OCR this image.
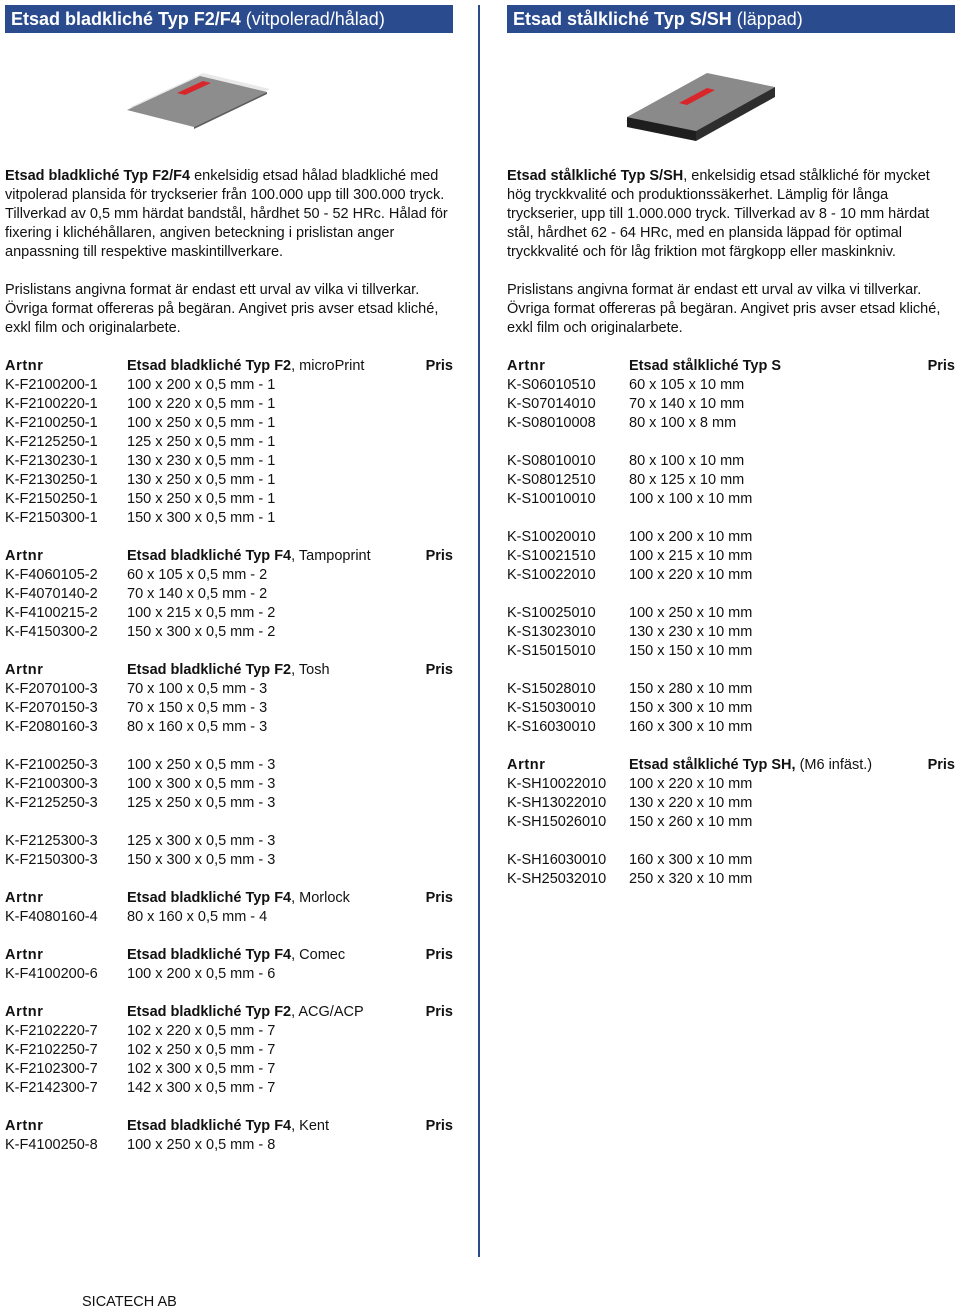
Etsad bladkliché Typ F2/F4 (vitpolerad/hålad)

Etsad bladkliché Typ F2/F4 enkelsidig etsad hålad bladkliché med vitpolerad plansida för tryckserier från 100.000 upp till 300.000 tryck. Tillverkad av 0,5 mm härdat bandstål, hårdhet 50 - 52 HRc. Hålad för fixering i klichéhållaren, angiven beteckning i prislistan anger anpassning till respektive maskintillverkare.

Prislistans angivna format är endast ett urval av vilka vi tillverkar. Övriga format offereras på begäran. Angivet pris avser etsad kliché, exkl film och originalarbete.

Artnr	Etsad bladkliché Typ F2, microPrint	Pris
K-F2100200-1	100 x 200 x 0,5 mm - 1
K-F2100220-1	100 x 220 x 0,5 mm - 1
K-F2100250-1	100 x 250 x 0,5 mm - 1
K-F2125250-1	125 x 250 x 0,5 mm - 1
K-F2130230-1	130 x 230 x 0,5 mm - 1
K-F2130250-1	130 x 250 x 0,5 mm - 1
K-F2150250-1	150 x 250 x 0,5 mm - 1
K-F2150300-1	150 x 300 x 0,5 mm - 1
Artnr	Etsad bladkliché Typ F4, Tampoprint	Pris
K-F4060105-2	60 x 105 x 0,5 mm - 2
K-F4070140-2	70 x 140 x 0,5 mm - 2
K-F4100215-2	100 x 215 x 0,5 mm - 2
K-F4150300-2	150 x 300 x 0,5 mm - 2
Artnr	Etsad bladkliché Typ F2, Tosh	Pris
K-F2070100-3	70 x 100 x 0,5 mm - 3
K-F2070150-3	70 x 150 x 0,5 mm - 3
K-F2080160-3	80 x 160 x 0,5 mm - 3
K-F2100250-3	100 x 250 x 0,5 mm - 3
K-F2100300-3	100 x 300 x 0,5 mm - 3
K-F2125250-3	125 x 250 x 0,5 mm - 3
K-F2125300-3	125 x 300 x 0,5 mm - 3
K-F2150300-3	150 x 300 x 0,5 mm - 3
Artnr	Etsad bladkliché Typ F4, Morlock	Pris
K-F4080160-4	80 x 160 x 0,5 mm - 4
Artnr	Etsad bladkliché Typ F4, Comec	Pris
K-F4100200-6	100 x 200 x 0,5 mm - 6
Artnr	Etsad bladkliché Typ F2, ACG/ACP	Pris
K-F2102220-7	102 x 220 x 0,5 mm - 7
K-F2102250-7	102 x 250 x 0,5 mm - 7
K-F2102300-7	102 x 300 x 0,5 mm - 7
K-F2142300-7	142 x 300 x 0,5 mm - 7
Artnr	Etsad bladkliché Typ F4, Kent	Pris
K-F4100250-8	100 x 250 x 0,5 mm - 8
Etsad stålkliché Typ S/SH (läppad)

Etsad stålkliché Typ S/SH, enkelsidig etsad stålkliché för mycket hög tryckkvalité och produktionssäkerhet. Lämplig för långa tryckserier, upp till 1.000.000 tryck. Tillverkad av 8 - 10 mm härdat stål, hårdhet 62 - 64 HRc, med en plansida läppad för optimal tryckkvalité och för låg friktion mot färgkopp eller maskinkniv.

Prislistans angivna format är endast ett urval av vilka vi tillverkar. Övriga format offereras på begäran. Angivet pris avser etsad kliché, exkl film och originalarbete.

Artnr	Etsad stålkliché Typ S	Pris
K-S06010510	60 x 105 x 10 mm
K-S07014010	70 x 140 x 10 mm
K-S08010008	80 x 100 x 8 mm
K-S08010010	80 x 100 x 10 mm
K-S08012510	80 x 125 x 10 mm
K-S10010010	100 x 100 x 10 mm
K-S10020010	100 x 200 x 10 mm
K-S10021510	100 x 215 x 10 mm
K-S10022010	100 x 220 x 10 mm
K-S10025010	100 x 250 x 10 mm
K-S13023010	130 x 230 x 10 mm
K-S15015010	150 x 150 x 10 mm
K-S15028010	150 x 280 x 10 mm
K-S15030010	150 x 300 x 10 mm
K-S16030010	160 x 300 x 10 mm
Artnr	Etsad stålkliché Typ SH, (M6 infäst.)	Pris
K-SH10022010	100 x 220 x 10 mm
K-SH13022010	130 x 220 x 10 mm
K-SH15026010	150 x 260 x 10 mm
K-SH16030010	160 x 300 x 10 mm
K-SH25032010	250 x 320 x 10 mm
SICATECH AB
